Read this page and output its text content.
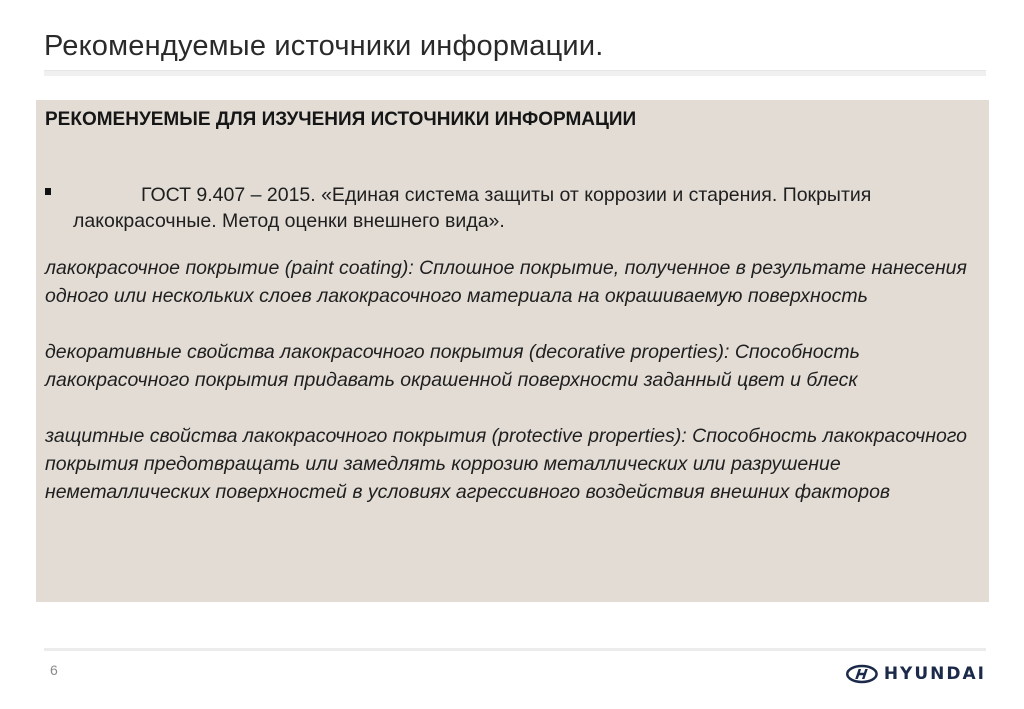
Рекомендуемые источники информации.

РЕКОМЕНУЕМЫЕ ДЛЯ ИЗУЧЕНИЯ ИСТОЧНИКИ ИНФОРМАЦИИ

ГОСТ 9.407 – 2015. «Единая система защиты от коррозии и старения. Покрытия лакокрасочные. Метод оценки внешнего вида».

лакокрасочное покрытие (paint coating): Сплошное покрытие, полученное в результате нанесения одного или нескольких слоев лакокрасочного материала на окрашиваемую поверхность

декоративные свойства лакокрасочного покрытия (decorative properties): Способность лакокрасочного покрытия придавать окрашенной поверхности заданный цвет и блеск

защитные свойства лакокрасочного покрытия (protective properties): Способность лакокрасочного покрытия предотвращать или замедлять коррозию металлических или разрушение неметаллических поверхностей в условиях агрессивного воздействия внешних факторов

6	HYUNDAI
